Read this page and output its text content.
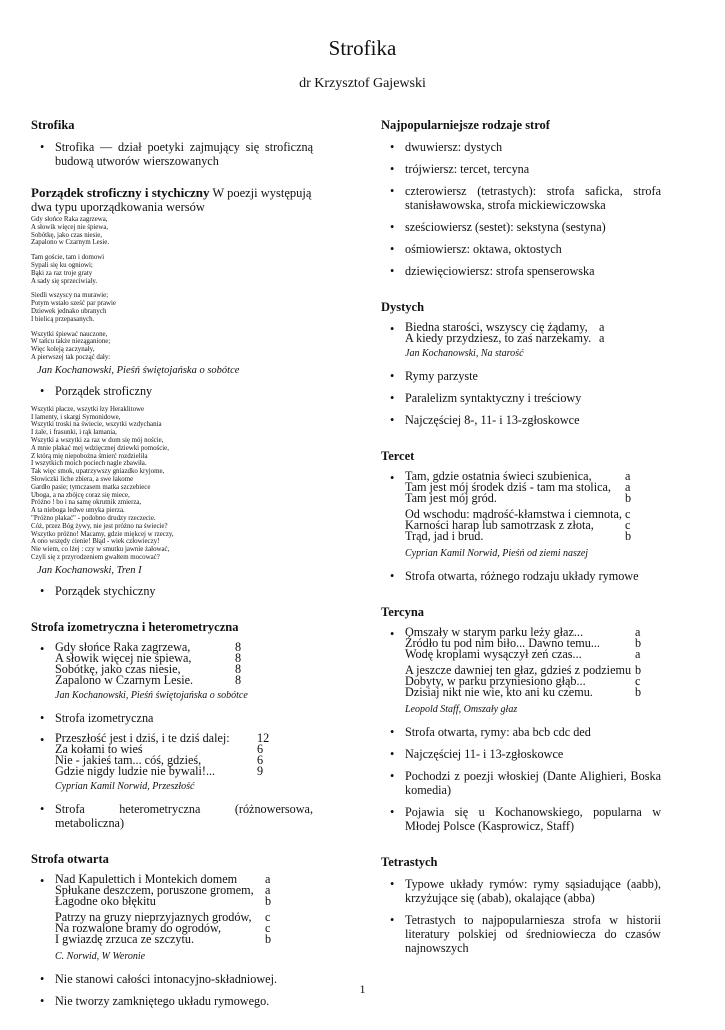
Strofika
dr Krzysztof Gajewski
Strofika
• Strofika — dział poetyki zajmujący się stroficzną budową utworów wierszowanych
Porządek stroficzny i stychiczny W poezji występują dwa typu uporządkowania wersów
Gdy słońce Raka zagrzewa,
A słowik więcej nie śpiewa,
Sobótkę, jako czas niesie,
Zapalono w Czarnym Lesie.
Tam goście, tam i domowi
Sypali się ku ogniowi;
Bąki za raz troje graty
A sady się sprzeciwiały.
Siedli wszyscy na murawie;
Potym wstało sześć par prawie
Dziewek jednako ubranych
I bielicą przepasanych.
Wszytki śpiewać nauczone,
W tańcu także nieząganione;
Więc koleją zaczynały,
A pierwszej tak począć dały:
Jan Kochanowski, Pieśń świętojańska o sobótce
• Porządek stroficzny
Wszytki płacze, wszytki łzy Heraklitowe
I lamenty, i skargi Symonidowe,
Wszytki troski na świecie, wszytki wzdychania
I żale, i frasunki, i rąk łamania,
Wszytki a wszytki za raz w dom się mój noście,
A mnie płakać mej wdzięcznej dziewki pomoście,
Z którą mię niepobożna śmierć rozdzieliła
I wszytkich moich pociech nagle zbawiła.
Tak więc smok, upatrzywszy gniazdko kryjome,
Słowiczki liche zbiera, a swe łakome
Gardło pasie; tymczasem matka szczebiece
Uboga, a na zbójcę coraz się miece,
Próżno ! bo i na samę okrutnik zmierza,
A ta nieboga ledwe umyka pierza.
"Próżno płakać" - podobno drudzy rzeczecie.
Cóż, przez Bóg żywy, nie jest próżno na świecie?
Wszytko próżno! Macamy, gdzie miękcej w rzeczy,
A ono wszędy cienie! Błąd - wiek człowieczy!
Nie wiem, co lżej : czy w smutku jawnie żałować,
Czyli się z przyrodzeniem gwałtem mocować?
Jan Kochanowski, Tren I
• Porządek stychiczny
Strofa izometryczna i heterometryczna
• Gdy słońce Raka zagrzewa,	8
A słowik więcej nie śpiewa,	8
Sobótkę, jako czas niesie,	8
Zapalono w Czarnym Lesie.	8
Jan Kochanowski, Pieśń świętojańska o sobótce
• Strofa izometryczna
• Przeszłość jest i dziś, i te dziś dalej:	12
Za kołami to wieś	6
Nie - jakieś tam... cóś, gdzieś,	6
Gdzie nigdy ludzie nie bywali!...	9
Cyprian Kamil Norwid, Przeszłość
• Strofa heterometryczna (różnowersowa, metaboliczna)
Strofa otwarta
• Nad Kapulettich i Montekich domem	a
Spłukane deszczem, poruszone gromem, a
Łagodne oko błękitu	b
Patrzy na gruzy nieprzyjaznych grodów,	c
Na rozwalone bramy do ogrodów,	c
I gwiazdę zrzuca ze szczytu.	b
C. Norwid, W Weronie
• Nie stanowi całości intonacyjno-składniowej.
• Nie tworzy zamkniętego układu rymowego.
Najpopularniejsze rodzaje strof
• dwuwiersz: dystych
• trójwiersz: tercet, tercyna
• czterowiersz (tetrastych): strofa saficka, strofa stanisławowska, strofa mickiewiczowska
• sześciowiersz (sestet): sekstyna (sestyna)
• ośmiowiersz: oktawa, oktostych
• dziewięciowiersz: strofa spenserowska
Dystych
• Biedna starości, wszyscy cię żądamy, a
A kiedy przydziesz, to zaś narzekamy. a
Jan Kochanowski, Na starość
• Rymy parzyste
• Paralelizm syntaktyczny i treściowy
• Najczęściej 8-, 11- i 13-zgłoskowce
Tercet
• Tam, gdzie ostatnia świeci szubienica,	a
Tam jest mój środek dziś - tam ma stolica,	a
Tam jest mój gród.	b
Od wschodu: mądrość-kłamstwa i ciemnota, c
Karności harap lub samotrzask z złota,	c
Trąd, jad i brud.	b
Cyprian Kamil Norwid, Pieśń od ziemi naszej
• Strofa otwarta, różnego rodzaju układy rymowe
Tercyna
• Omszały w starym parku leży głaz...	a
Źródło tu pod nim biło... Dawno temu...	b
Wodę kroplami wysączył zeń czas...	a
A jeszcze dawniej ten głaz, gdzieś z podziemu b
Dobyty, w parku przyniesiono głąb...	c
Dzisiaj nikt nie wie, kto ani ku czemu.	b
Leopold Staff, Omszały głaz
• Strofa otwarta, rymy: aba bcb cdc ded
• Najczęściej 11- i 13-zgłoskowce
• Pochodzi z poezji włoskiej (Dante Alighieri, Boska komedia)
• Pojawia się u Kochanowskiego, popularna w Młodej Polsce (Kasprowicz, Staff)
Tetrastych
• Typowe układy rymów: rymy sąsiadujące (aabb), krzyżujące się (abab), okalające (abba)
• Tetrastych to najpopularniesza strofa w historii literatury polskiej od średniowiecza do czasów najnowszych
1
